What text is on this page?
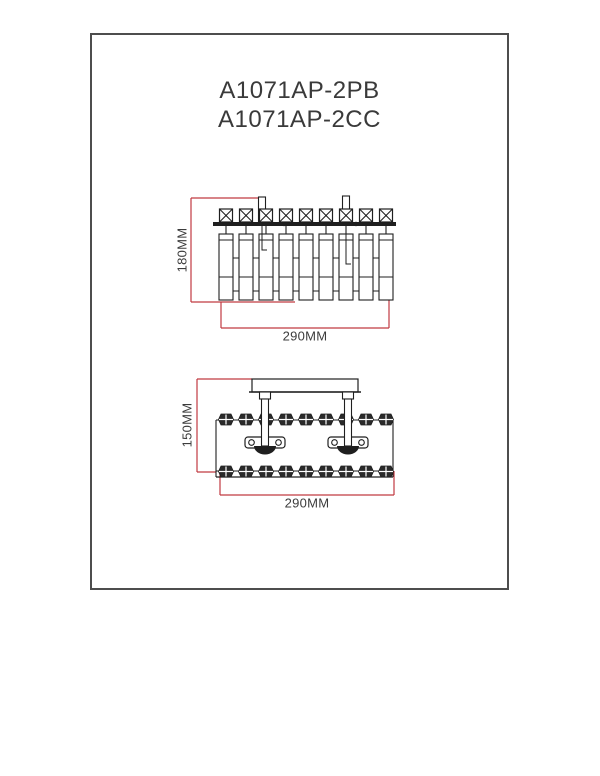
A1071AP-2PB
A1071AP-2CC
180MM
290MM
150MM
290MM
